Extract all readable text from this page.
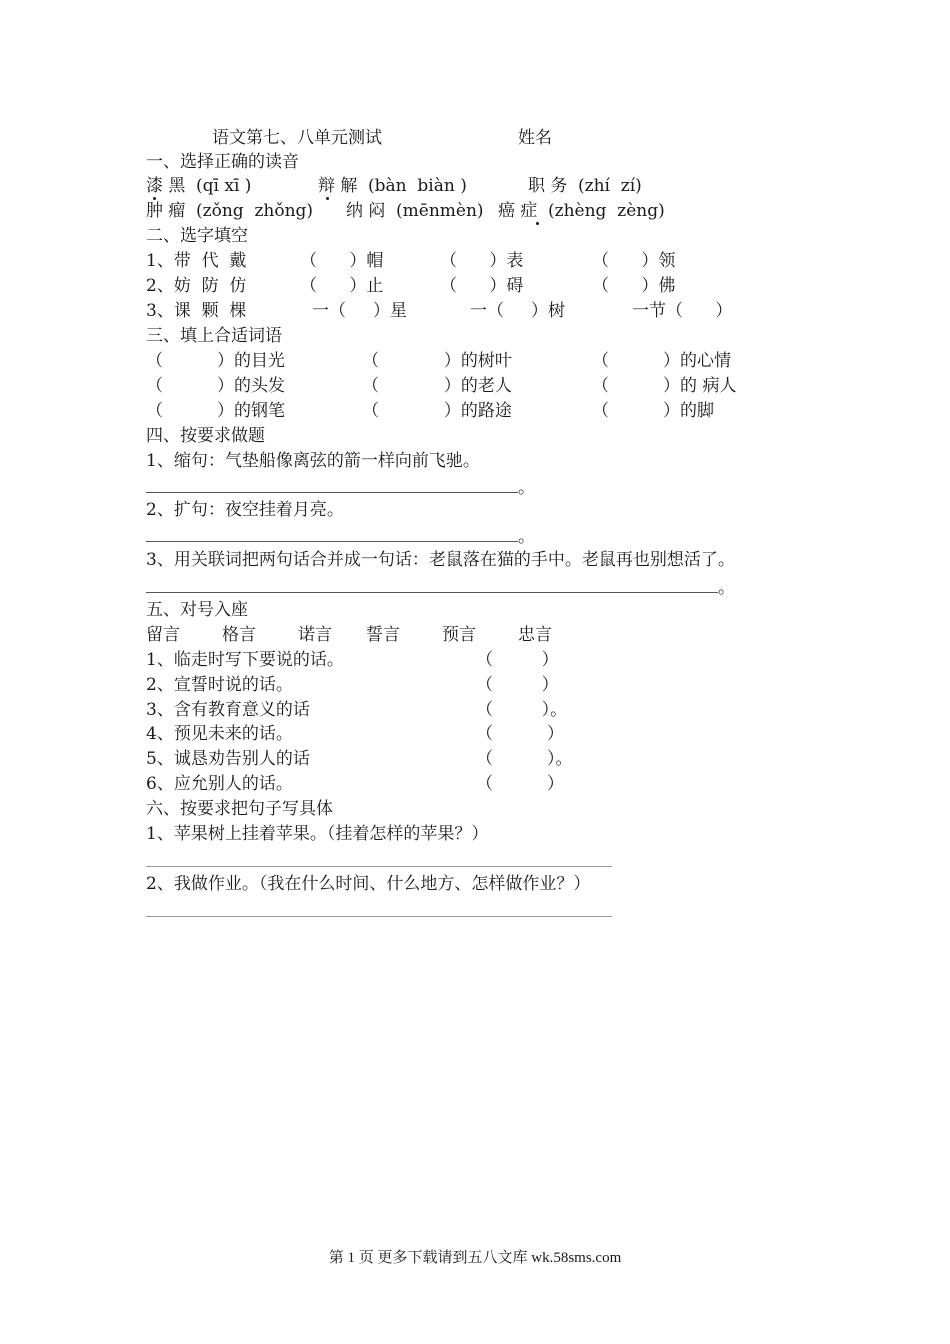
语文第七、八单元测试	姓名
一、选择正确的读音
漆 黑 (qī xī )	辩 解 (bàn  biàn )	职 务 (zhí  zí)
肿 瘤 (zǒng  zhǒng) 纳 闷 (mēnmèn) 癌 症 (zhèng  zèng)
二、选字填空
1、带  代  戴	（      ）帽	（      ）表	（      ）领
2、妨  防  仿	（      ）止	（      ）碍	（      ）佛
3、课  颗  棵	一（     ）星	一（     ）树	一节（      ）
三、填上合适词语
（          ）的目光	（            ）的树叶	（          ）的心情
（          ）的头发	（            ）的老人	（          ）的 病人
（          ）的钢笔	（            ）的路途	（          ）的脚
四、按要求做题
1、缩句：气垫船像离弦的箭一样向前飞驰。
。
2、扩句：夜空挂着月亮。
。
3、用关联词把两句话合并成一句话：老鼠落在猫的手中。老鼠再也别想活了。
。
五、对号入座
留言 格言 诺言 誓言 预言 忠言
1、临走时写下要说的话。	（         ）
2、宣誓时说的话。	（         ）
3、含有教育意义的话	（         ）。
4、预见未来的话。	（          ）
5、诚恳劝告别人的话	（          ）。
6、应允别人的话。	（          ）
六、按要求把句子写具体
1、苹果树上挂着苹果。（挂着怎样的苹果？）
2、我做作业。（我在什么时间、什么地方、怎样做作业？）
第 1 页 更多下载请到五八文库 wk.58sms.com
